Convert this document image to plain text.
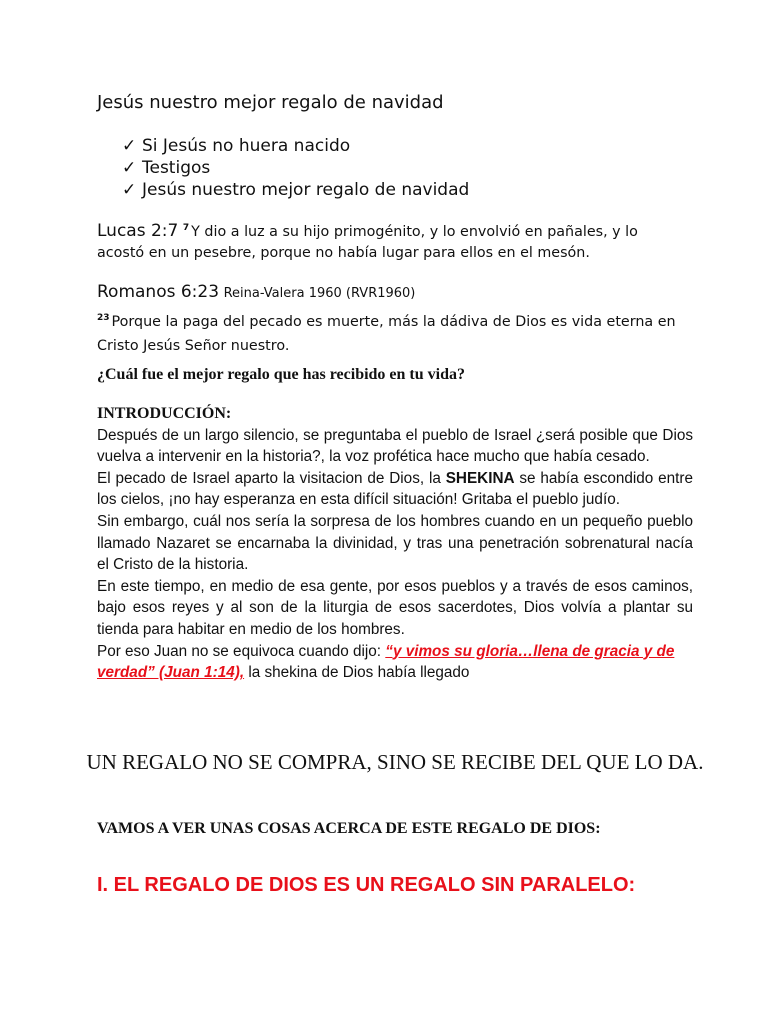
Jesús nuestro mejor regalo de navidad
✓ Si Jesús no huera nacido
✓ Testigos
✓ Jesús nuestro mejor regalo de navidad
Lucas 2:7 $^7$ Y dio a luz a su hijo primogénito, y lo envolvió en pañales, y lo acostó en un pesebre, porque no había lugar para ellos en el mesón.
Romanos 6:23 Reina-Valera 1960 (RVR1960)
$^{23}$ Porque la paga del pecado es muerte, más la dádiva de Dios es vida eterna en Cristo Jesús Señor nuestro.
¿Cuál fue el mejor regalo que has recibido en tu vida?
INTRODUCCIÓN:

Después de un largo silencio, se preguntaba el pueblo de Israel ¿será posible que Dios vuelva a intervenir en la historia?, la voz profética hace mucho que había cesado.

El pecado de Israel aparto la visitacion de Dios, la SHEKINA se había escondido entre los cielos, ¡no hay esperanza en esta difícil situación! Gritaba el pueblo judío.

Sin embargo, cuál nos sería la sorpresa de los hombres cuando en un pequeño pueblo llamado Nazaret se encarnaba la divinidad, y tras una penetración sobrenatural nacía el Cristo de la historia.

En este tiempo, en medio de esa gente, por esos pueblos y a través de esos caminos, bajo esos reyes y al son de la liturgia de esos sacerdotes, Dios volvía a plantar su tienda para habitar en medio de los hombres.

Por eso Juan no se equivoca cuando dijo: “y vimos su gloria…llena de gracia y de verdad” (Juan 1:14), la shekina de Dios había llegado

UN REGALO NO SE COMPRA, SINO SE RECIBE DEL QUE LO DA.
VAMOS A VER UNAS COSAS ACERCA DE ESTE REGALO DE DIOS:
I. EL REGALO DE DIOS ES UN REGALO SIN PARALELO:
